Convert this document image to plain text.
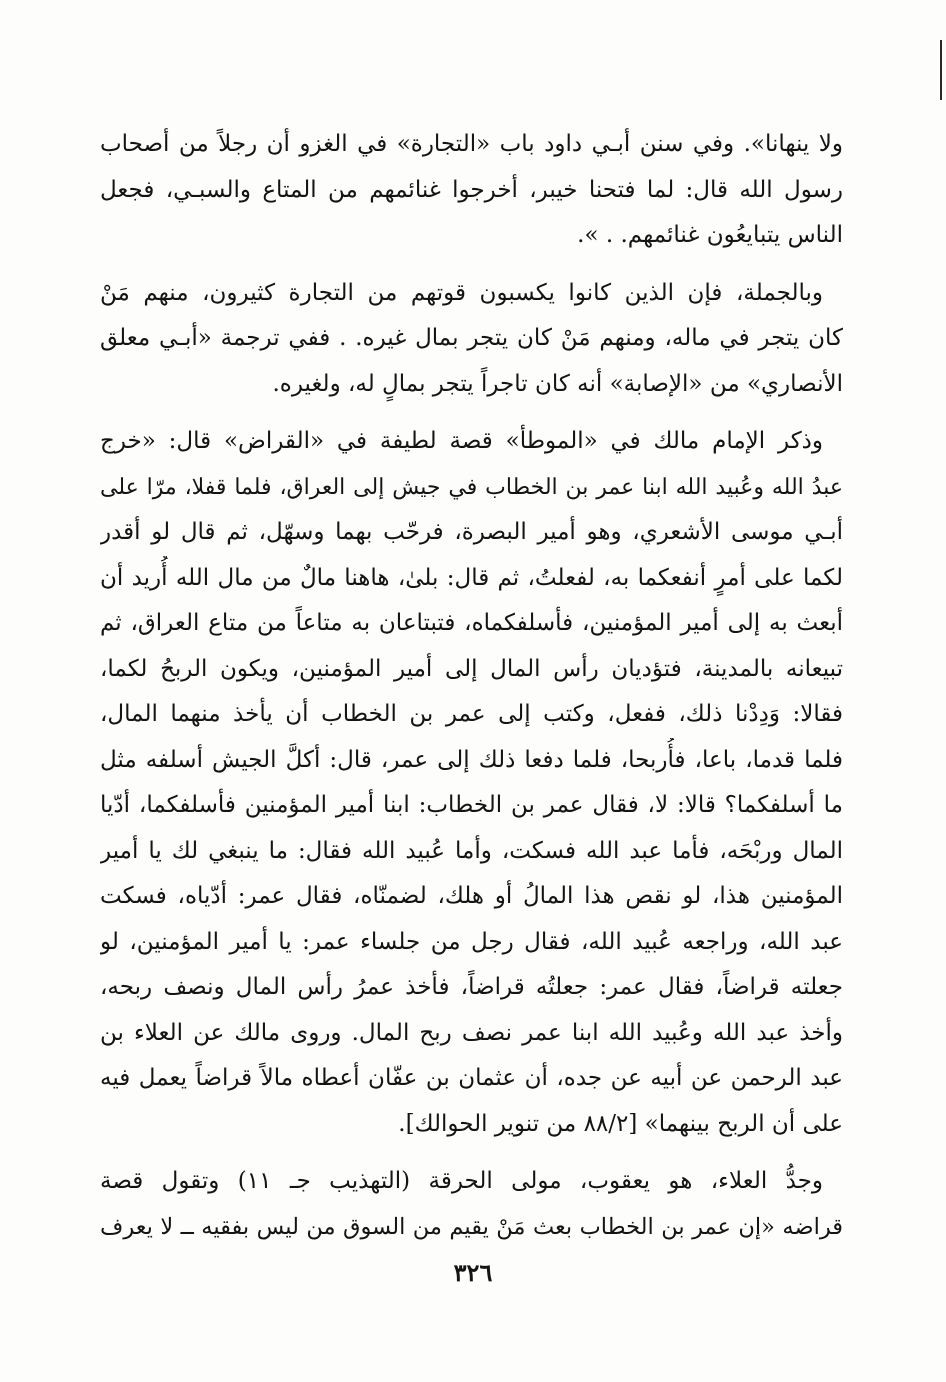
ولا ينهانا». وفي سنن أبـي داود باب «التجارة» في الغزو أن رجلاً من أصحاب
رسول الله قال: لما فتحنا خيبر، أخرجوا غنائمهم من المتاع والسبـي، فجعل
الناس يتبايعُون غنائمهم. . ».
وبالجملة، فإن الذين كانوا يكسبون قوتهم من التجارة كثيرون، منهم مَنْ
كان يتجر في ماله، ومنهم مَنْ كان يتجر بمال غيره. . ففي ترجمة «أبـي معلق
الأنصاري» من «الإصابة» أنه كان تاجراً يتجر بمالٍ له، ولغيره.
وذكر الإمام مالك في «الموطأ» قصة لطيفة في «القراض» قال: «خرج
عبدُ الله وعُبيد الله ابنا عمر بن الخطاب في جيش إلى العراق، فلما قفلا، مرّا على
أبـي موسى الأشعري، وهو أمير البصرة، فرحّب بهما وسهّل، ثم قال لو أقدر
لكما على أمرٍ أنفعكما به، لفعلتُ، ثم قال: بلىٰ، هاهنا مالٌ من مال الله أُريد أن
أبعث به إلى أمير المؤمنين، فأسلفكماه، فتبتاعان به متاعاً من متاع العراق، ثم
تبيعانه بالمدينة، فتؤديان رأس المال إلى أمير المؤمنين، ويكون الربحُ لكما،
فقالا: وَدِدْنا ذلك، ففعل، وكتب إلى عمر بن الخطاب أن يأخذ منهما المال،
فلما قدما، باعا، فأُربحا، فلما دفعا ذلك إلى عمر، قال: أكلَّ الجيش أسلفه مثل
ما أسلفكما؟ قالا: لا، فقال عمر بن الخطاب: ابنا أمير المؤمنين فأسلفكما، أدّيا
المال وربْحَه، فأما عبد الله فسكت، وأما عُبيد الله فقال: ما ينبغي لك يا أمير
المؤمنين هذا، لو نقص هذا المالُ أو هلك، لضمنّاه، فقال عمر: أدّياه، فسكت
عبد الله، وراجعه عُبيد الله، فقال رجل من جلساء عمر: يا أمير المؤمنين، لو
جعلته قراضاً، فقال عمر: جعلتُه قراضاً، فأخذ عمرُ رأس المال ونصف ربحه،
وأخذ عبد الله وعُبيد الله ابنا عمر نصف ربح المال. وروى مالك عن العلاء بن
عبد الرحمن عن أبيه عن جده، أن عثمان بن عفّان أعطاه مالاً قراضاً يعمل فيه
على أن الربح بينهما» [٨٨/٢ من تنوير الحوالك].
وجدُّ العلاء، هو يعقوب، مولى الحرقة (التهذيب جـ ١١) وتقول قصة
قراضه «إن عمر بن الخطاب بعث مَنْ يقيم من السوق من ليس بفقيه ــ لا يعرف
٣٢٦
